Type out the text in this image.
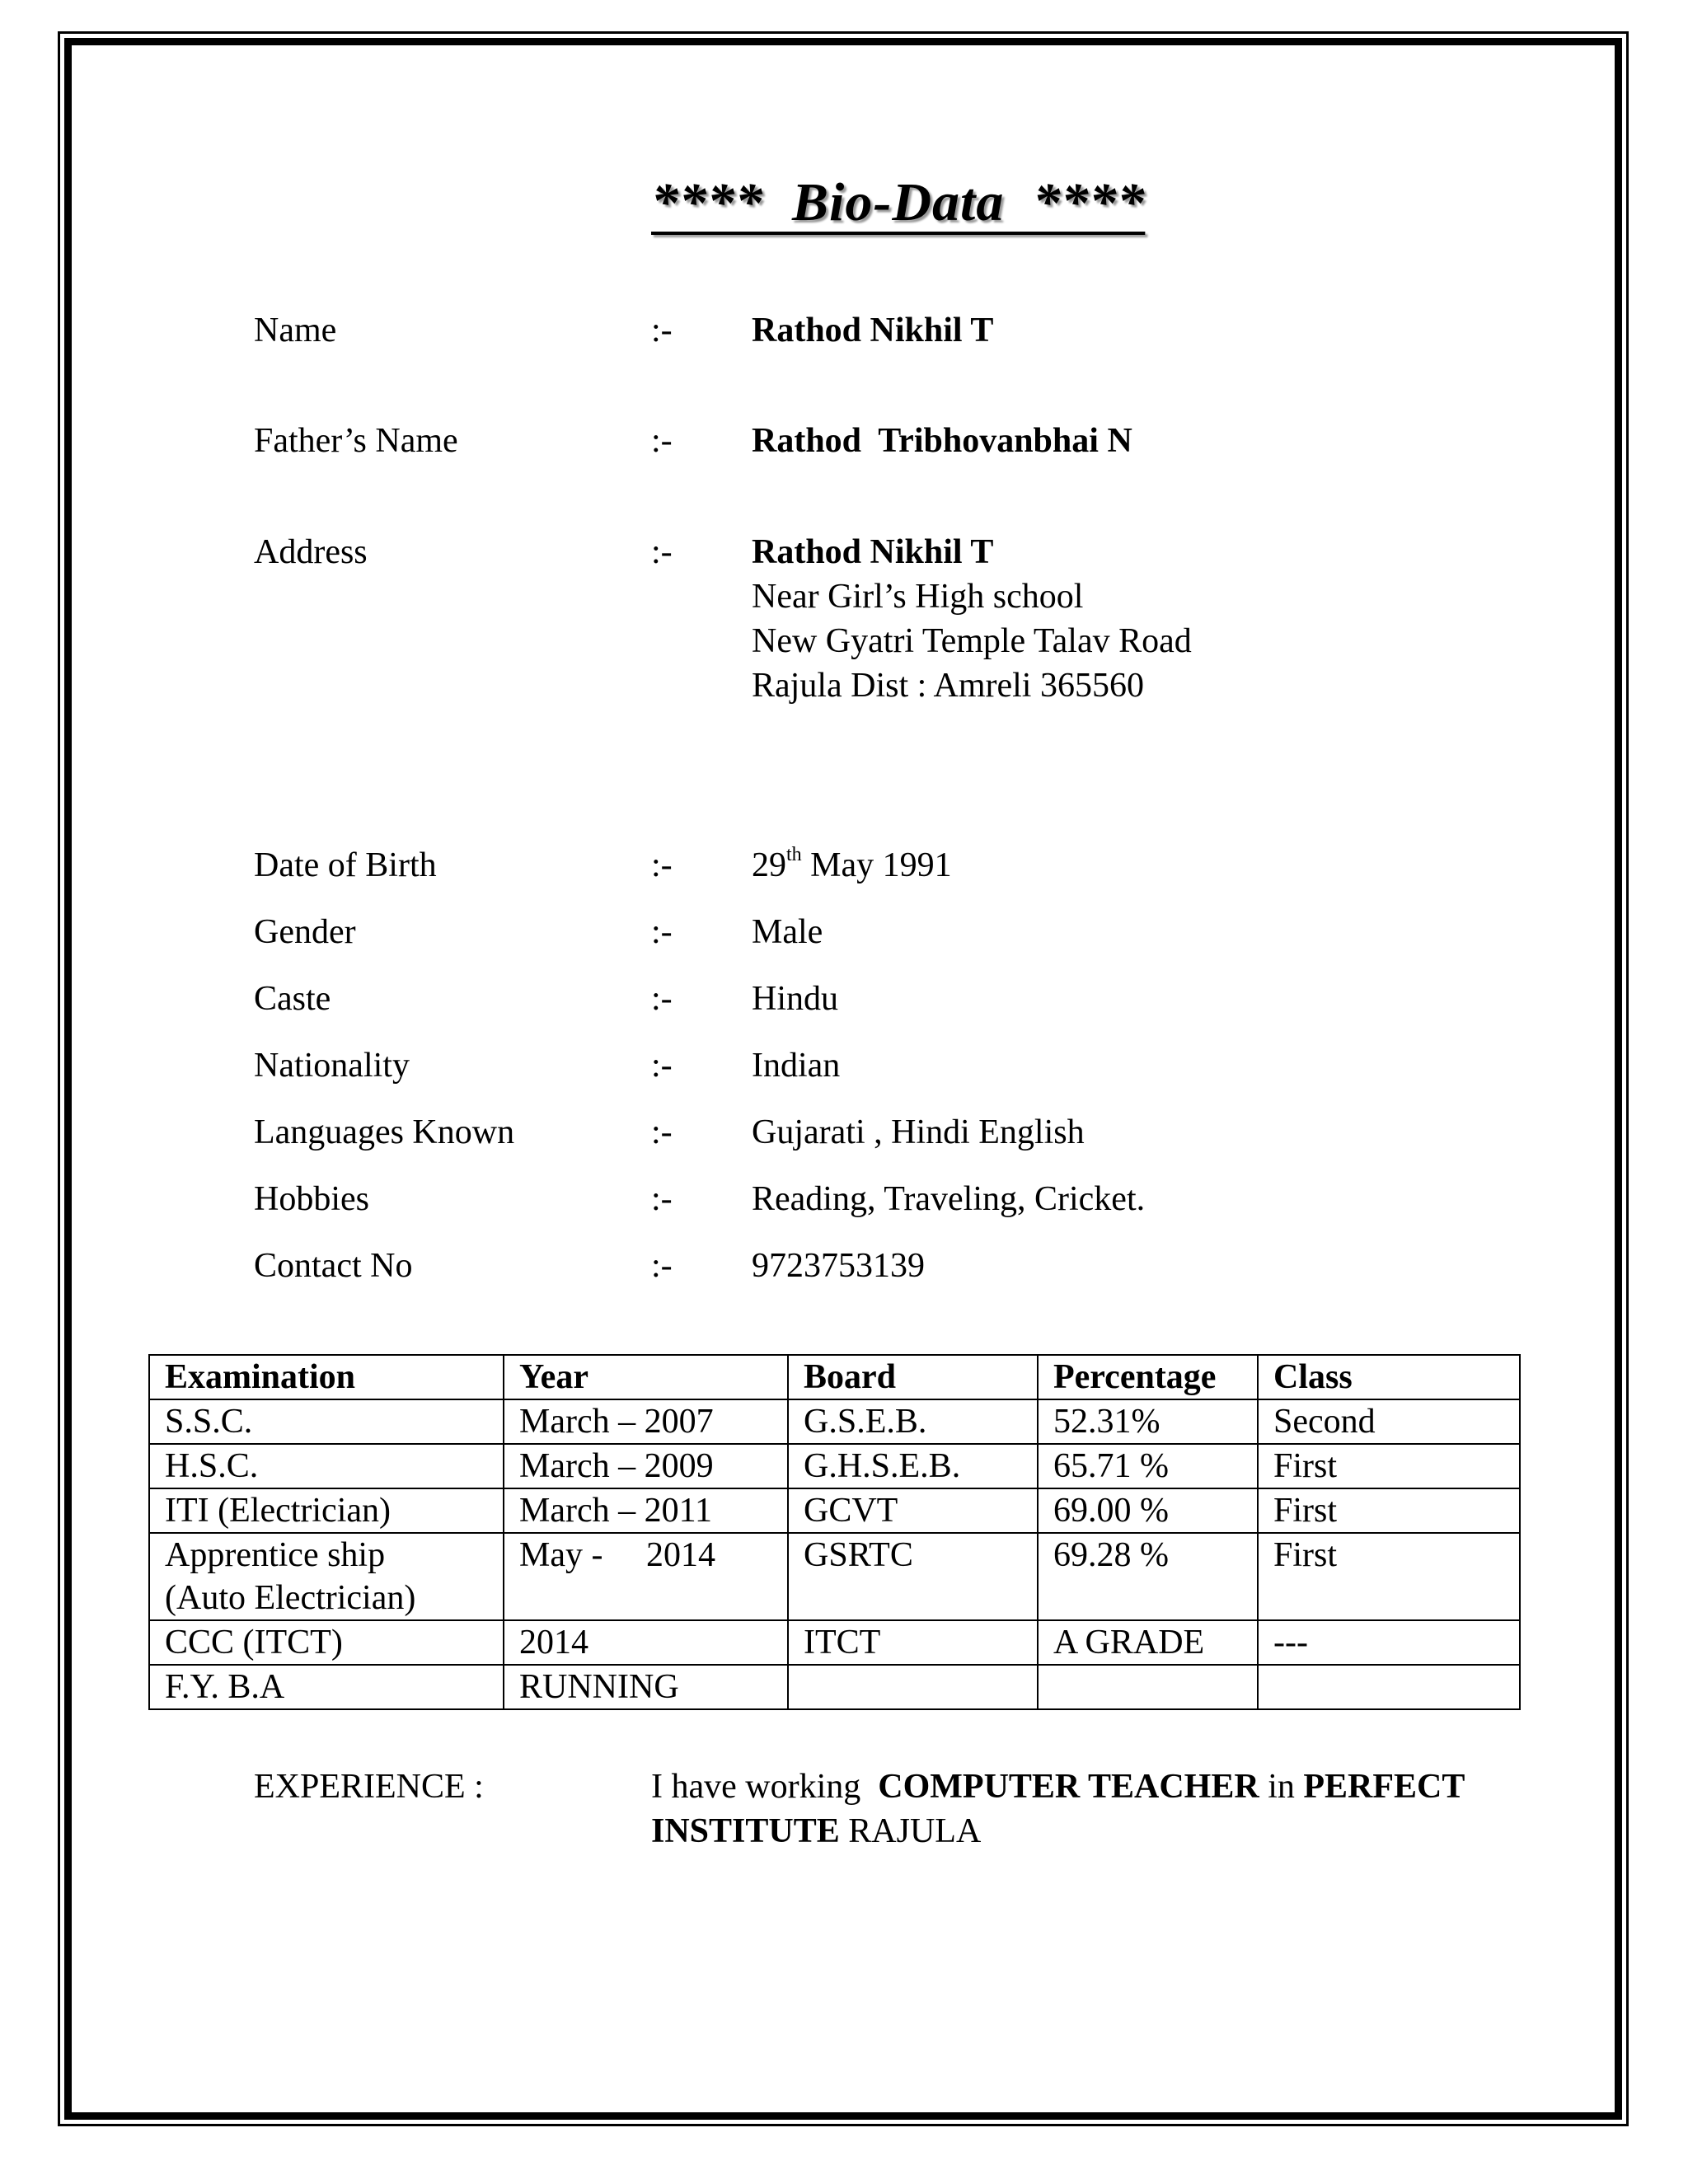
****  Bio-Data  ****
Name	:- Rathod Nikhil T
Father’s Name	:- Rathod  Tribhovanbhai N
Address	:- Rathod Nikhil T
Near Girl’s High school
New Gyatri Temple Talav Road
Rajula Dist : Amreli 365560
Date of Birth	:- 29th May 1991
Gender	:- Male
Caste	:- Hindu
Nationality	:- Indian
Languages Known	:- Gujarati , Hindi English
Hobbies	:- Reading, Traveling, Cricket.
Contact No	:- 9723753139
Examination	Year	Board	Percentage	Class
S.S.C.	March – 2007	G.S.E.B.	52.31%	Second
H.S.C.	March – 2009	G.H.S.E.B.	65.71 %	First
ITI (Electrician)	March – 2011	GCVT	69.00 %	First

Apprentice ship
(Auto Electrician)	May -     2014	GSRTC	69.28 %	First
CCC (ITCT)	2014	ITCT	A GRADE	---
F.Y. B.A	RUNNING			
EXPERIENCE :	I have working  COMPUTER TEACHER in PERFECT INSTITUTE RAJULA
